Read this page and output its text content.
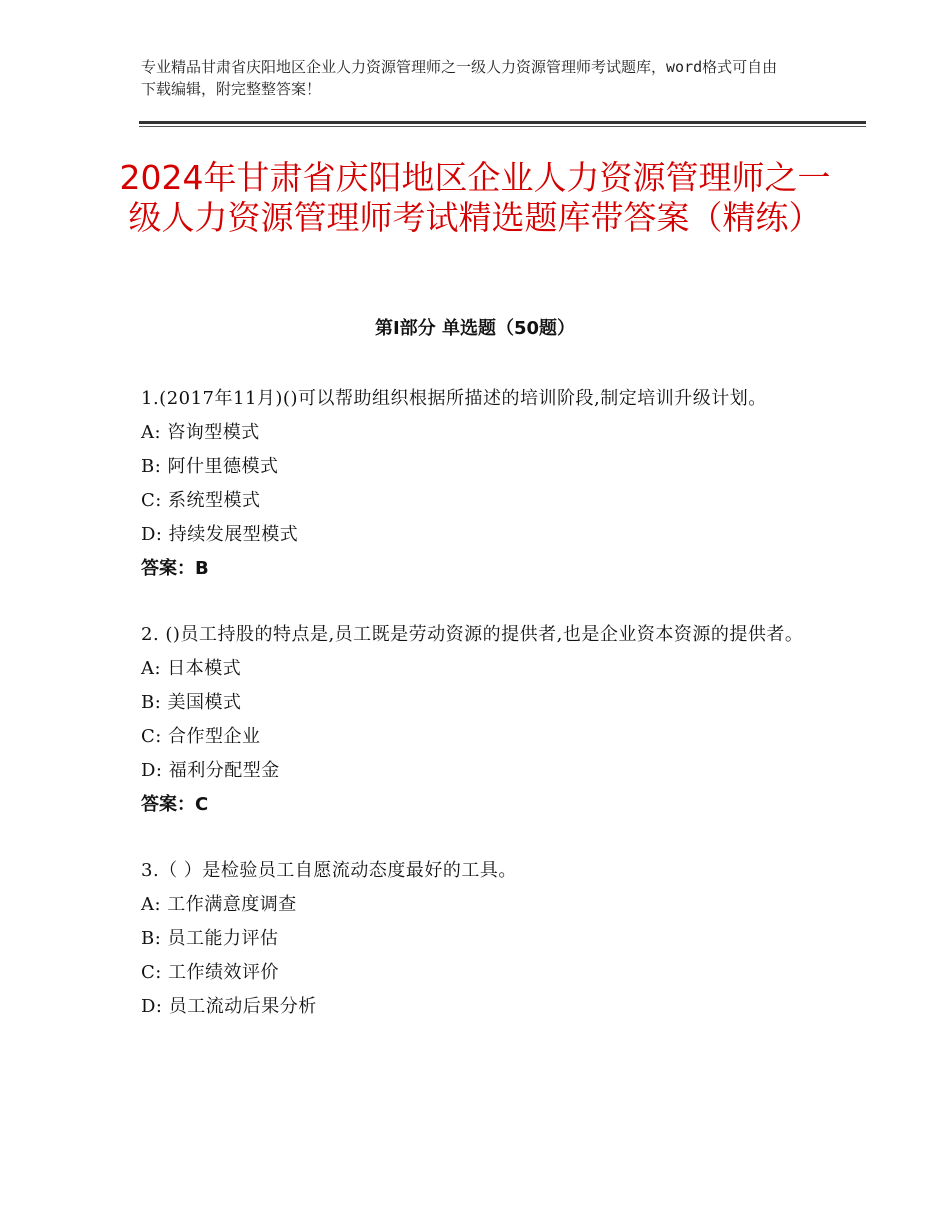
专业精品甘肃省庆阳地区企业人力资源管理师之一级人力资源管理师考试题库，word格式可自由下载编辑，附完整整答案！
2024年甘肃省庆阳地区企业人力资源管理师之一级人力资源管理师考试精选题库带答案（精练）
第Ⅰ部分 单选题（50题）
1.(2017年11月)()可以帮助组织根据所描述的培训阶段,制定培训升级计划。
A: 咨询型模式
B: 阿什里德模式
C: 系统型模式
D: 持续发展型模式
答案：B
2. ()员工持股的特点是,员工既是劳动资源的提供者,也是企业资本资源的提供者。
A: 日本模式
B: 美国模式
C: 合作型企业
D: 福利分配型金
答案：C
3.（ ）是检验员工自愿流动态度最好的工具。
A: 工作满意度调查
B: 员工能力评估
C: 工作绩效评价
D: 员工流动后果分析
